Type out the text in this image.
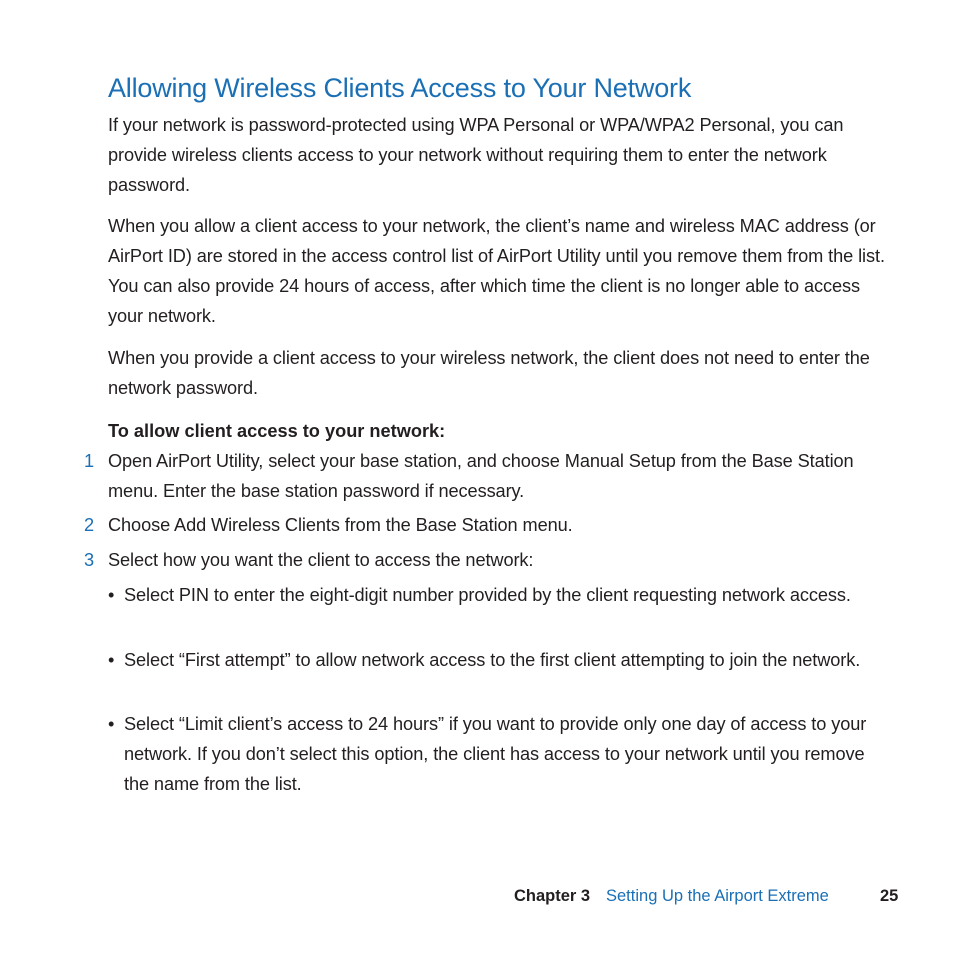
Allowing Wireless Clients Access to Your Network

If your network is password-protected using WPA Personal or WPA/WPA2 Personal, you can provide wireless clients access to your network without requiring them to enter the network password.

When you allow a client access to your network, the client’s name and wireless MAC address (or AirPort ID) are stored in the access control list of AirPort Utility until you remove them from the list. You can also provide 24 hours of access, after which time the client is no longer able to access your network.

When you provide a client access to your wireless network, the client does not need to enter the network password.

To allow client access to your network:

1 Open AirPort Utility, select your base station, and choose Manual Setup from the Base Station menu. Enter the base station password if necessary.
2 Choose Add Wireless Clients from the Base Station menu.
3 Select how you want the client to access the network:
• Select PIN to enter the eight-digit number provided by the client requesting network access.
• Select “First attempt” to allow network access to the first client attempting to join the network.
• Select “Limit client’s access to 24 hours” if you want to provide only one day of access to your network. If you don’t select this option, the client has access to your network until you remove the name from the list.
Chapter 3 Setting Up the Airport Extreme	25
